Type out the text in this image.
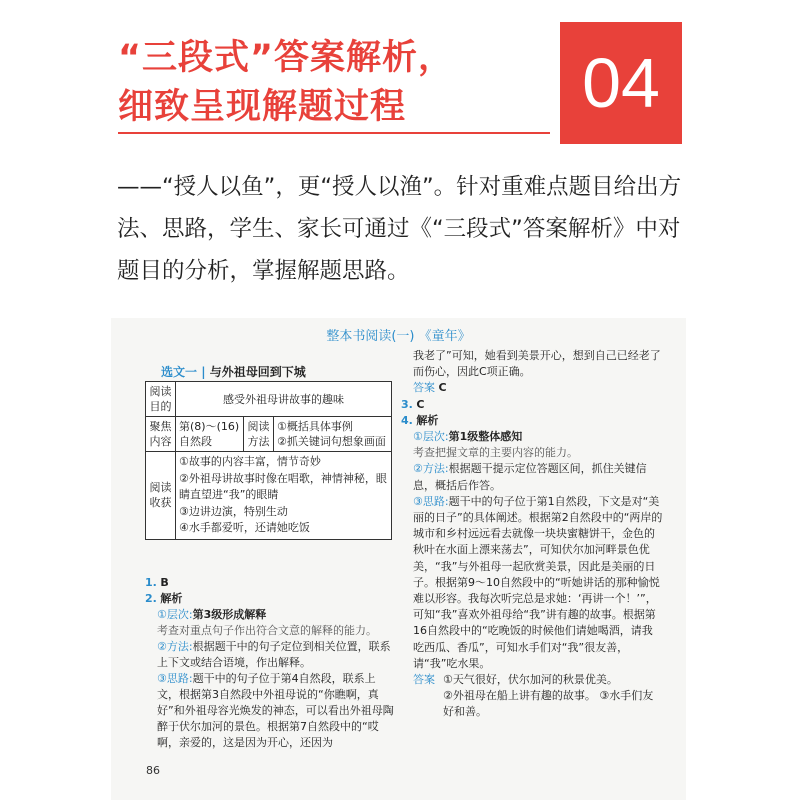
“三段式”答案解析，
细致呈现解题过程	04
——“授人以鱼”，更“授人以渔”。针对重难点题目给出方法、思路，学生、家长可通过《“三段式”答案解析》中对题目的分析，掌握解题思路。
整本书阅读(一) 《童年》
选文一 | 与外祖母回到下城
阅读目的	感受外祖母讲故事的趣味		
聚焦内容	第(8)～(16)自然段	阅读方法	①概括具体事例
②抓关键词句想象画面

阅读收获	①故事的内容丰富，情节奇妙
②外祖母讲故事时像在唱歌，神情神秘，眼睛直望进“我”的眼睛
③边讲边演，特别生动
④水手都爱听，还请她吃饭		
1. B
2. 解析
①层次:第3级形成解释
考查对重点句子作出符合文意的解释的能力。
②方法:根据题干中的句子定位到相关位置，联系上下文或结合语境，作出解释。
③思路:题干中的句子位于第4自然段，联系上文，根据第3自然段中外祖母说的“你瞧啊，真好”和外祖母容光焕发的神态，可以看出外祖母陶醉于伏尔加河的景色。根据第7自然段中的“哎啊，亲爱的，这是因为开心，还因为
我老了”可知，她看到美景开心，想到自己已经老了而伤心，因此C项正确。
答案 C
3. C
4. 解析
①层次:第1级整体感知
考查把握文章的主要内容的能力。
②方法:根据题干提示定位答题区间，抓住关键信息，概括后作答。
③思路:题干中的句子位于第1自然段，下文是对“美丽的日子”的具体阐述。根据第2自然段中的“两岸的城市和乡村远远看去就像一块块蜜糖饼干，金色的秋叶在水面上漂来荡去”，可知伏尔加河畔景色优美，“我”与外祖母一起欣赏美景，因此是美丽的日子。根据第9～10自然段中的“听她讲话的那种愉悦难以形容。我每次听完总是求她：‘再讲一个！’”，可知“我”喜欢外祖母给“我”讲有趣的故事。根据第16自然段中的“吃晚饭的时候他们请她喝酒，请我吃西瓜、香瓜”，可知水手们对“我”很友善，请“我”吃水果。
答案 ①天气很好，伏尔加河的秋景优美。
②外祖母在船上讲有趣的故事。 ③水手们友好和善。
86
